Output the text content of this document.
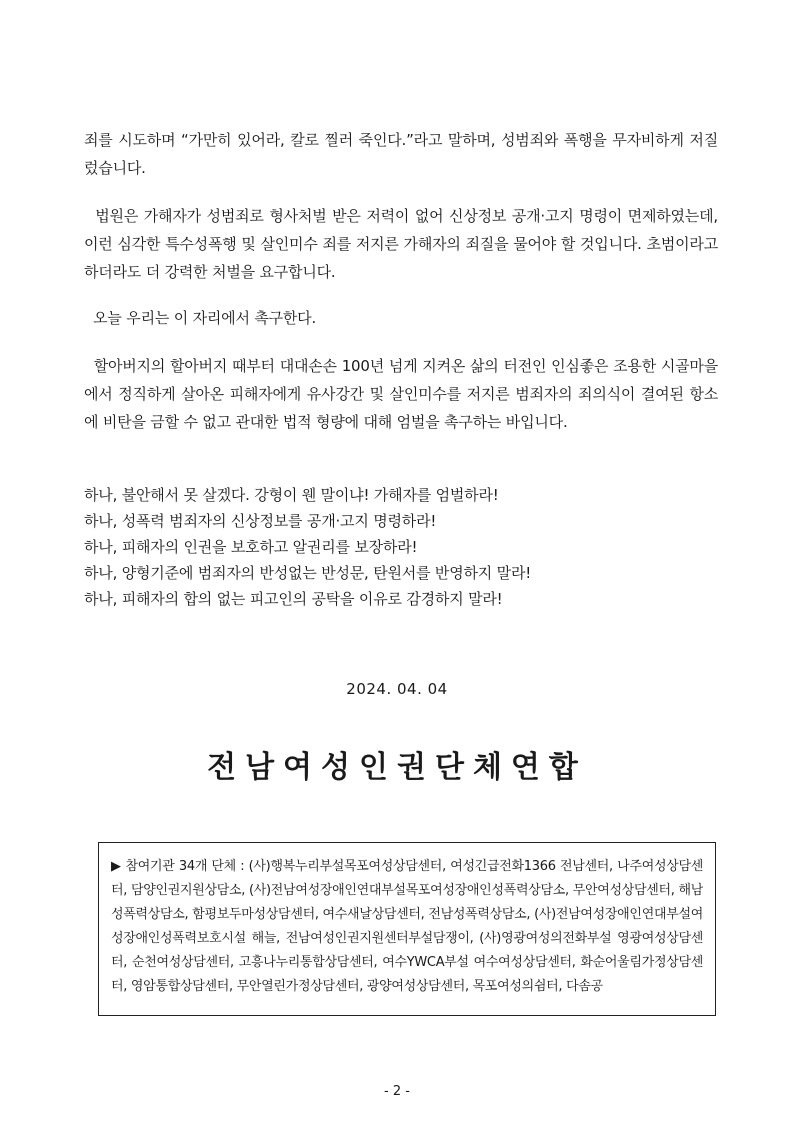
죄를 시도하며 “가만히 있어라, 칼로 찔러 죽인다.”라고 말하며, 성범죄와 폭행을 무자비하게 저질렀습니다.

법원은 가해자가 성범죄로 형사처벌 받은 저력이 없어 신상정보 공개·고지 명령이 면제하였는데, 이런 심각한 특수성폭행 및 살인미수 죄를 저지른 가해자의 죄질을 물어야 할 것입니다. 초범이라고 하더라도 더 강력한 처벌을 요구합니다.

오늘 우리는 이 자리에서 촉구한다.

할아버지의 할아버지 때부터 대대손손 100년 넘게 지켜온 삶의 터전인 인심좋은 조용한 시골마을에서 정직하게 살아온 피해자에게 유사강간 및 살인미수를 저지른 범죄자의 죄의식이 결여된 항소에 비탄을 금할 수 없고 관대한 법적 형량에 대해 엄벌을 촉구하는 바입니다.

하나, 불안해서 못 살겠다. 강형이 웬 말이냐! 가해자를 엄벌하라!
하나, 성폭력 범죄자의 신상정보를 공개·고지 명령하라!
하나, 피해자의 인권을 보호하고 알권리를 보장하라!
하나, 양형기준에 범죄자의 반성없는 반성문, 탄원서를 반영하지 말라!
하나, 피해자의 합의 없는 피고인의 공탁을 이유로 감경하지 말라!
2024. 04. 04
전남여성인권단체연합
▶ 참여기관 34개 단체 : (사)행복누리부설목포여성상담센터, 여성긴급전화1366 전남센터, 나주여성상담센터, 담양인권지원상담소, (사)전남여성장애인연대부설목포여성장애인성폭력상담소, 무안여성상담센터, 해남성폭력상담소, 함평보두마성상담센터, 여수새날상담센터, 전남성폭력상담소, (사)전남여성장애인연대부설여성장애인성폭력보호시설 해늘, 전남여성인권지원센터부설담쟁이, (사)영광여성의전화부설 영광여성상담센터, 순천여성상담센터, 고흥나누리통합상담센터, 여수YWCA부설 여수여성상담센터, 화순어울림가정상담센터, 영암통합상담센터, 무안열린가정상담센터, 광양여성상담센터, 목포여성의쉼터, 다솜공
- 2 -
